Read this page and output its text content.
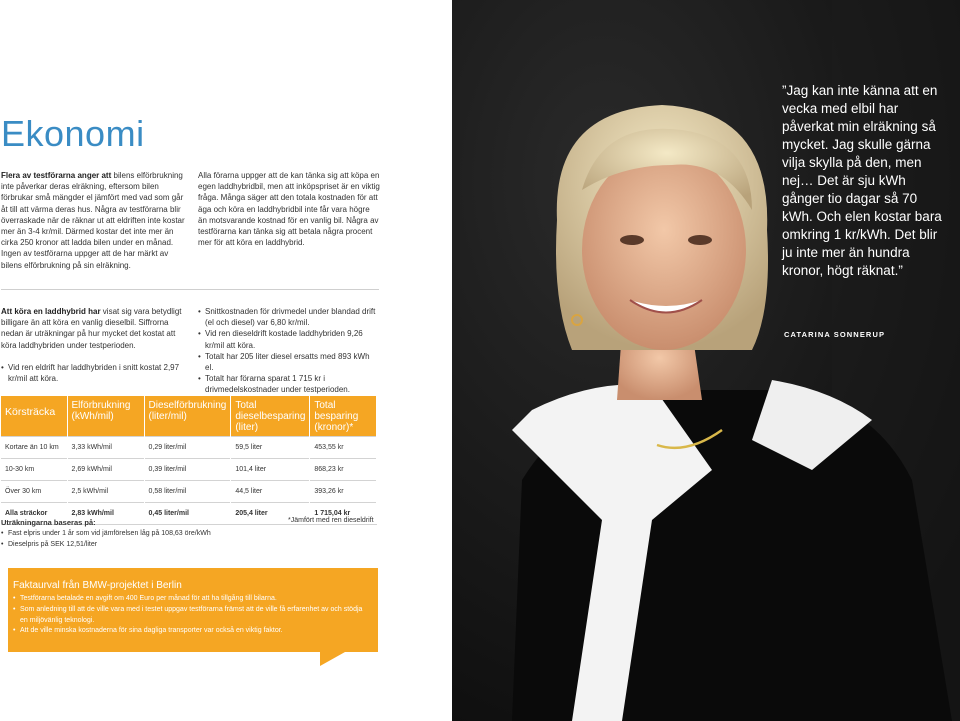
Ekonomi

Flera av testförarna anger att bilens elförbrukning inte påverkar deras elräkning, eftersom bilen förbrukar små mängder el jämfört med vad som går åt till att värma deras hus. Några av testförarna blir överraskade när de räknar ut att eldriften inte kostar mer än 3-4 kr/mil. Därmed kostar det inte mer än cirka 250 kronor att ladda bilen under en månad. Ingen av testförarna uppger att de har märkt av bilens elförbrukning på sin elräkning.

Alla förarna uppger att de kan tänka sig att köpa en egen laddhybridbil, men att inköpspriset är en viktig fråga. Många säger att den totala kostnaden för att äga och köra en laddhybridbil inte får vara högre än motsvarande kostnad för en vanlig bil. Några av testförarna kan tänka sig att betala några procent mer för att köra en laddhybrid.

Att köra en laddhybrid har visat sig vara betydligt billigare än att köra en vanlig dieselbil. Siffrorna nedan är uträkningar på hur mycket det kostat att köra laddhybriden under testperioden.

• Vid ren eldrift har laddhybriden i snitt kostat 2,97 kr/mil att köra.
• Snittkostnaden för drivmedel under blandad drift (el och diesel) var 6,80 kr/mil.
• Vid ren dieseldrift kostade laddhybriden 9,26 kr/mil att köra.
• Totalt har 205 liter diesel ersatts med 893 kWh el.
• Totalt har förarna sparat 1 715 kr i drivmedelskostnader under testperioden.
Körsträcka	Elförbrukning (kWh/mil)	Dieselförbrukning (liter/mil)	Total dieselbesparing (liter)	Total besparing (kronor)*
Kortare än 10 km	3,33 kWh/mil	0,29 liter/mil	59,5 liter	453,55 kr
10-30 km	2,69 kWh/mil	0,39 liter/mil	101,4 liter	868,23 kr
Över 30 km	2,5 kWh/mil	0,58 liter/mil	44,5 liter	393,26 kr
Alla sträckor	2,83 kWh/mil	0,45 liter/mil	205,4 liter	1 715,04 kr
Uträkningarna baseras på:
• Fast elpris under 1 år som vid jämförelsen låg på 108,63 öre/kWh
• Dieselpris på SEK 12,51/liter
*Jämfört med ren dieseldrift
Faktaurval från BMW-projektet i Berlin
• Testförarna betalade en avgift om 400 Euro per månad för att ha tillgång till bilarna.
• Som anledning till att de ville vara med i testet uppgav testförarna främst att de ville få erfarenhet av och stödja en miljövänlig teknologi.
• Att de ville minska kostnaderna för sina dagliga transporter var också en viktig faktor.
”Jag kan inte känna att en vecka med elbil har påverkat min elräkning så mycket. Jag skulle gärna vilja skylla på den, men nej… Det är sju kWh gånger tio dagar så 70 kWh. Och elen kostar bara omkring 1 kr/kWh. Det blir ju inte mer än hundra kronor, högt räknat.”
CATARINA SONNERUP
